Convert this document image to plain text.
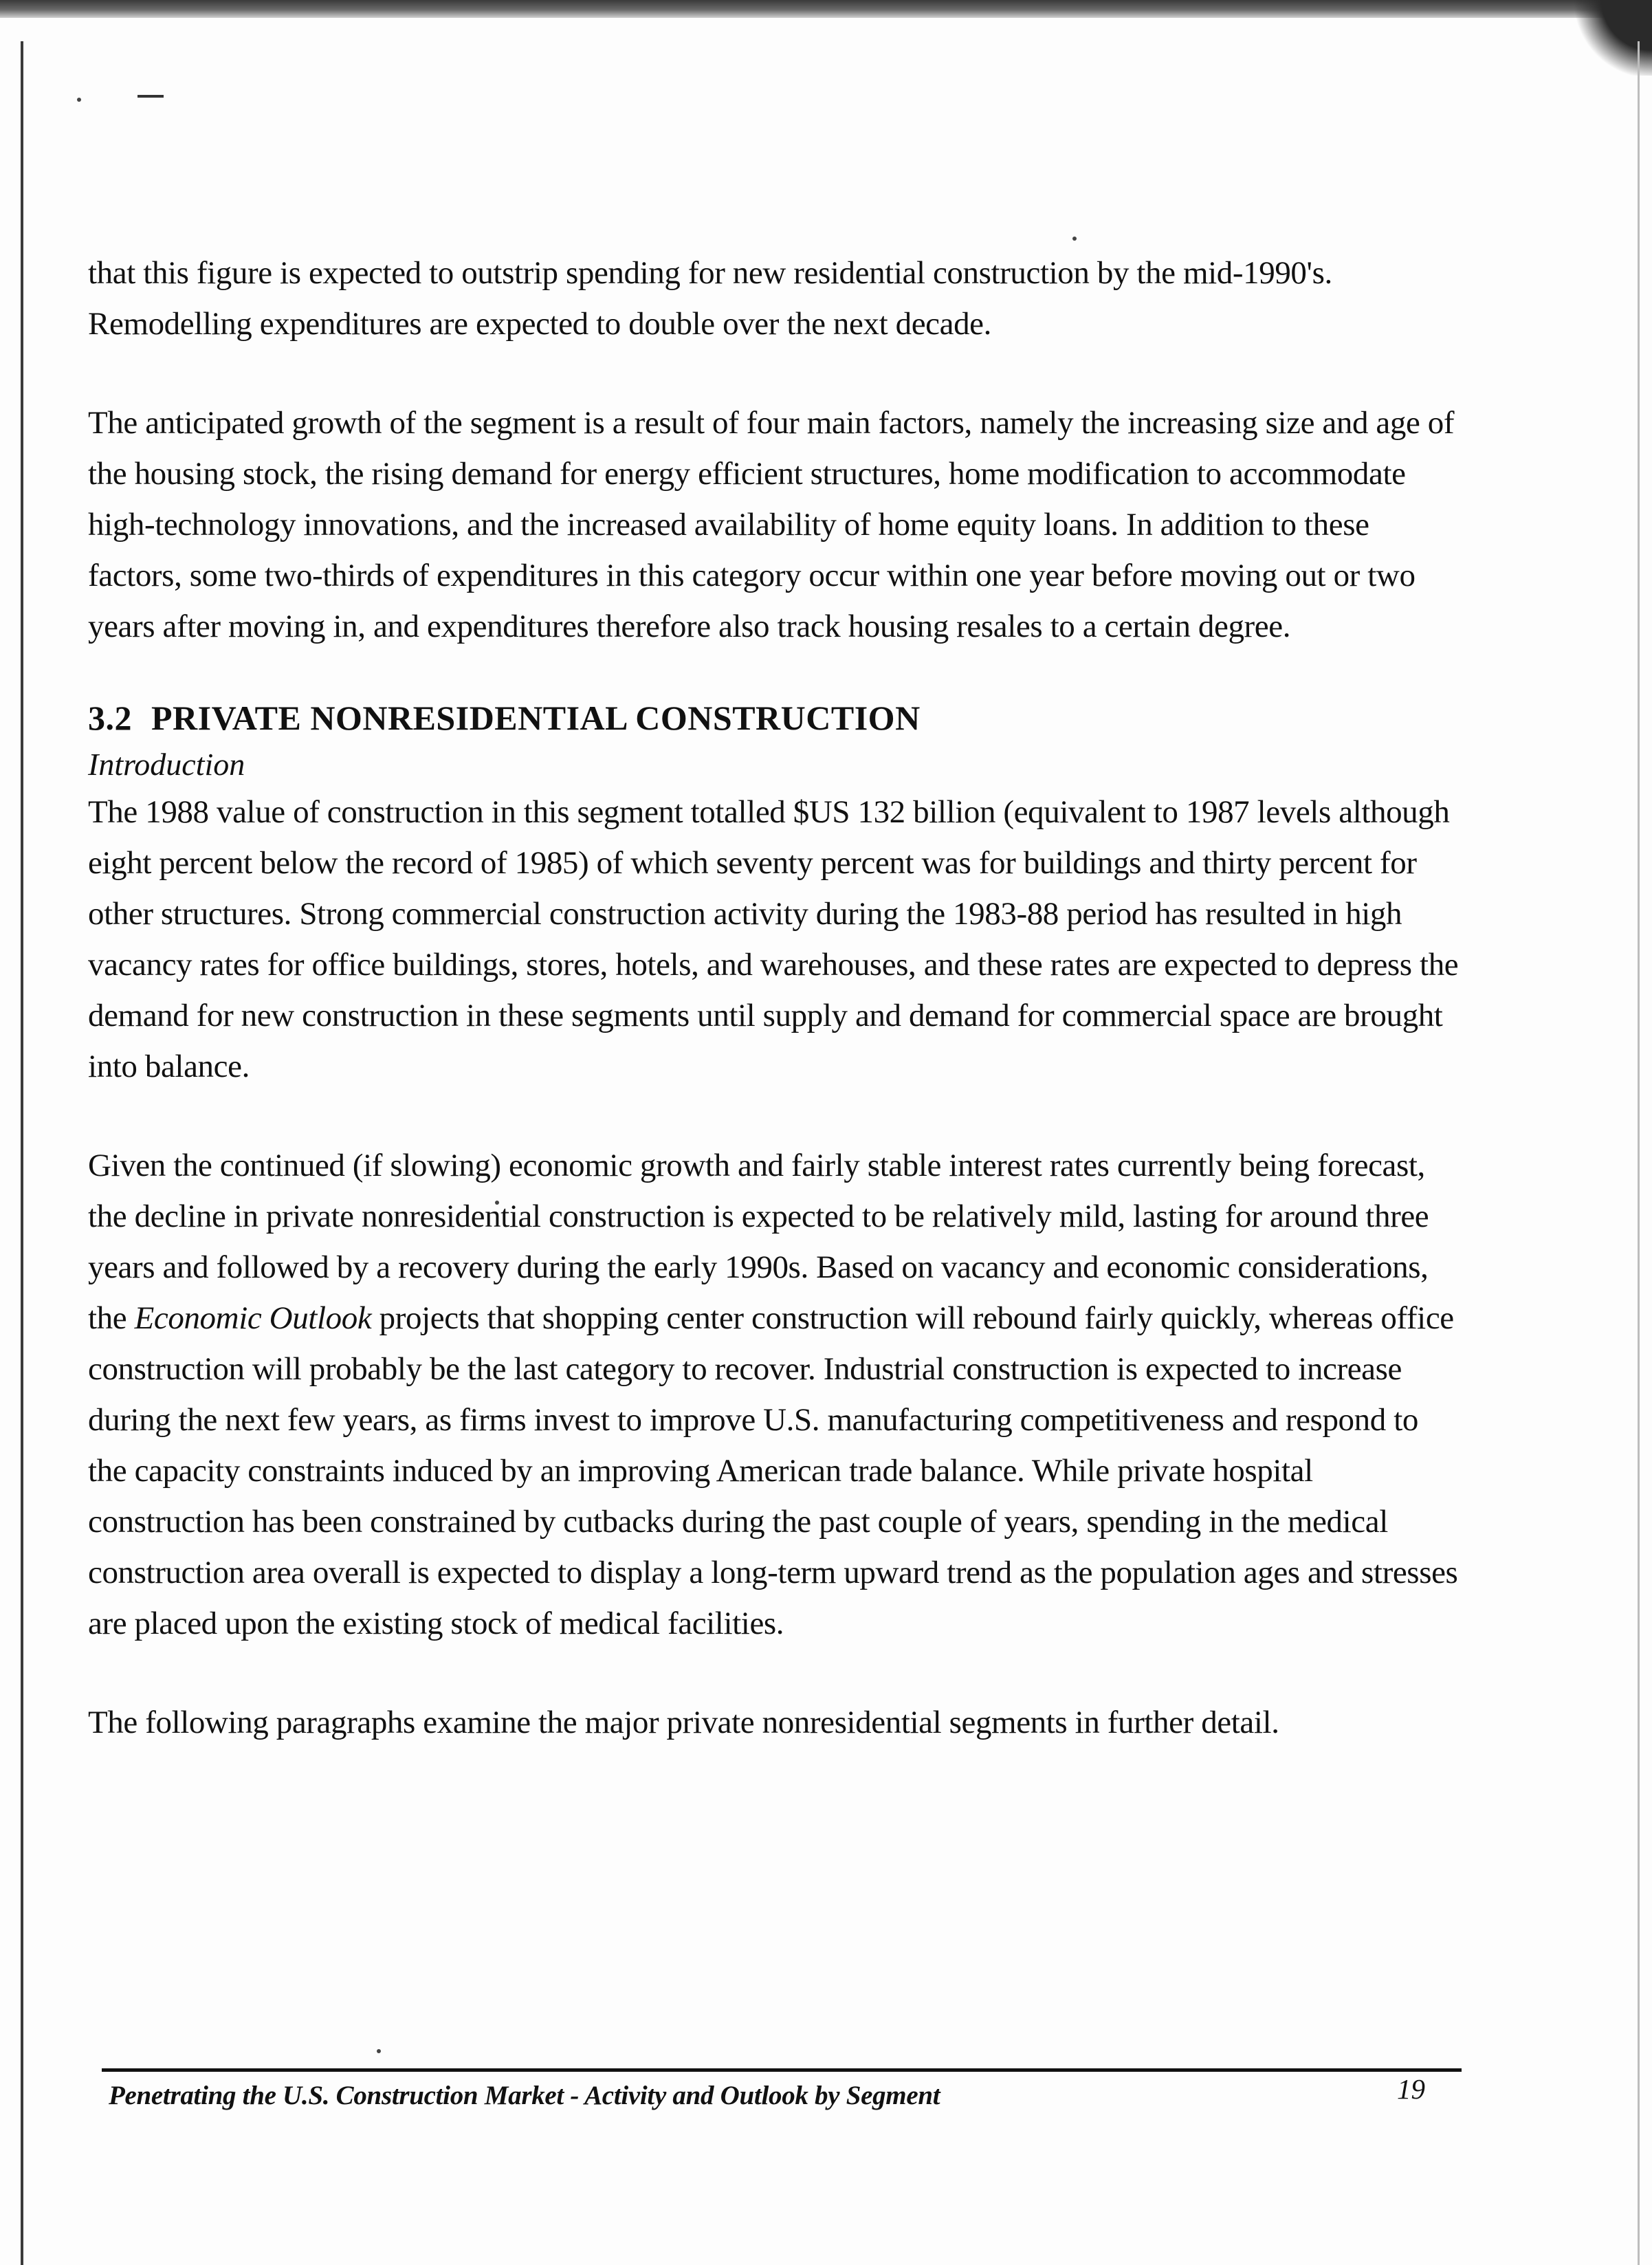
that this figure is expected to outstrip spending for new residential construction by the mid-1990's. Remodelling expenditures are expected to double over the next decade.

The anticipated growth of the segment is a result of four main factors, namely the increasing size and age of the housing stock, the rising demand for energy efficient structures, home modification to accommodate high-technology innovations, and the increased availability of home equity loans. In addition to these factors, some two-thirds of expenditures in this category occur within one year before moving out or two years after moving in, and expenditures therefore also track housing resales to a certain degree.

3.2 PRIVATE NONRESIDENTIAL CONSTRUCTION

Introduction

The 1988 value of construction in this segment totalled $US 132 billion (equivalent to 1987 levels although eight percent below the record of 1985) of which seventy percent was for buildings and thirty percent for other structures. Strong commercial construction activity during the 1983-88 period has resulted in high vacancy rates for office buildings, stores, hotels, and warehouses, and these rates are expected to depress the demand for new construction in these segments until supply and demand for commercial space are brought into balance.

Given the continued (if slowing) economic growth and fairly stable interest rates currently being forecast, the decline in private nonresidential construction is expected to be relatively mild, lasting for around three years and followed by a recovery during the early 1990s. Based on vacancy and economic considerations, the Economic Outlook projects that shopping center construction will rebound fairly quickly, whereas office construction will probably be the last category to recover. Industrial construction is expected to increase during the next few years, as firms invest to improve U.S. manufacturing competitiveness and respond to the capacity constraints induced by an improving American trade balance. While private hospital construction has been constrained by cutbacks during the past couple of years, spending in the medical construction area overall is expected to display a long-term upward trend as the population ages and stresses are placed upon the existing stock of medical facilities.

The following paragraphs examine the major private nonresidential segments in further detail.

Penetrating the U.S. Construction Market - Activity and Outlook by Segment	19
